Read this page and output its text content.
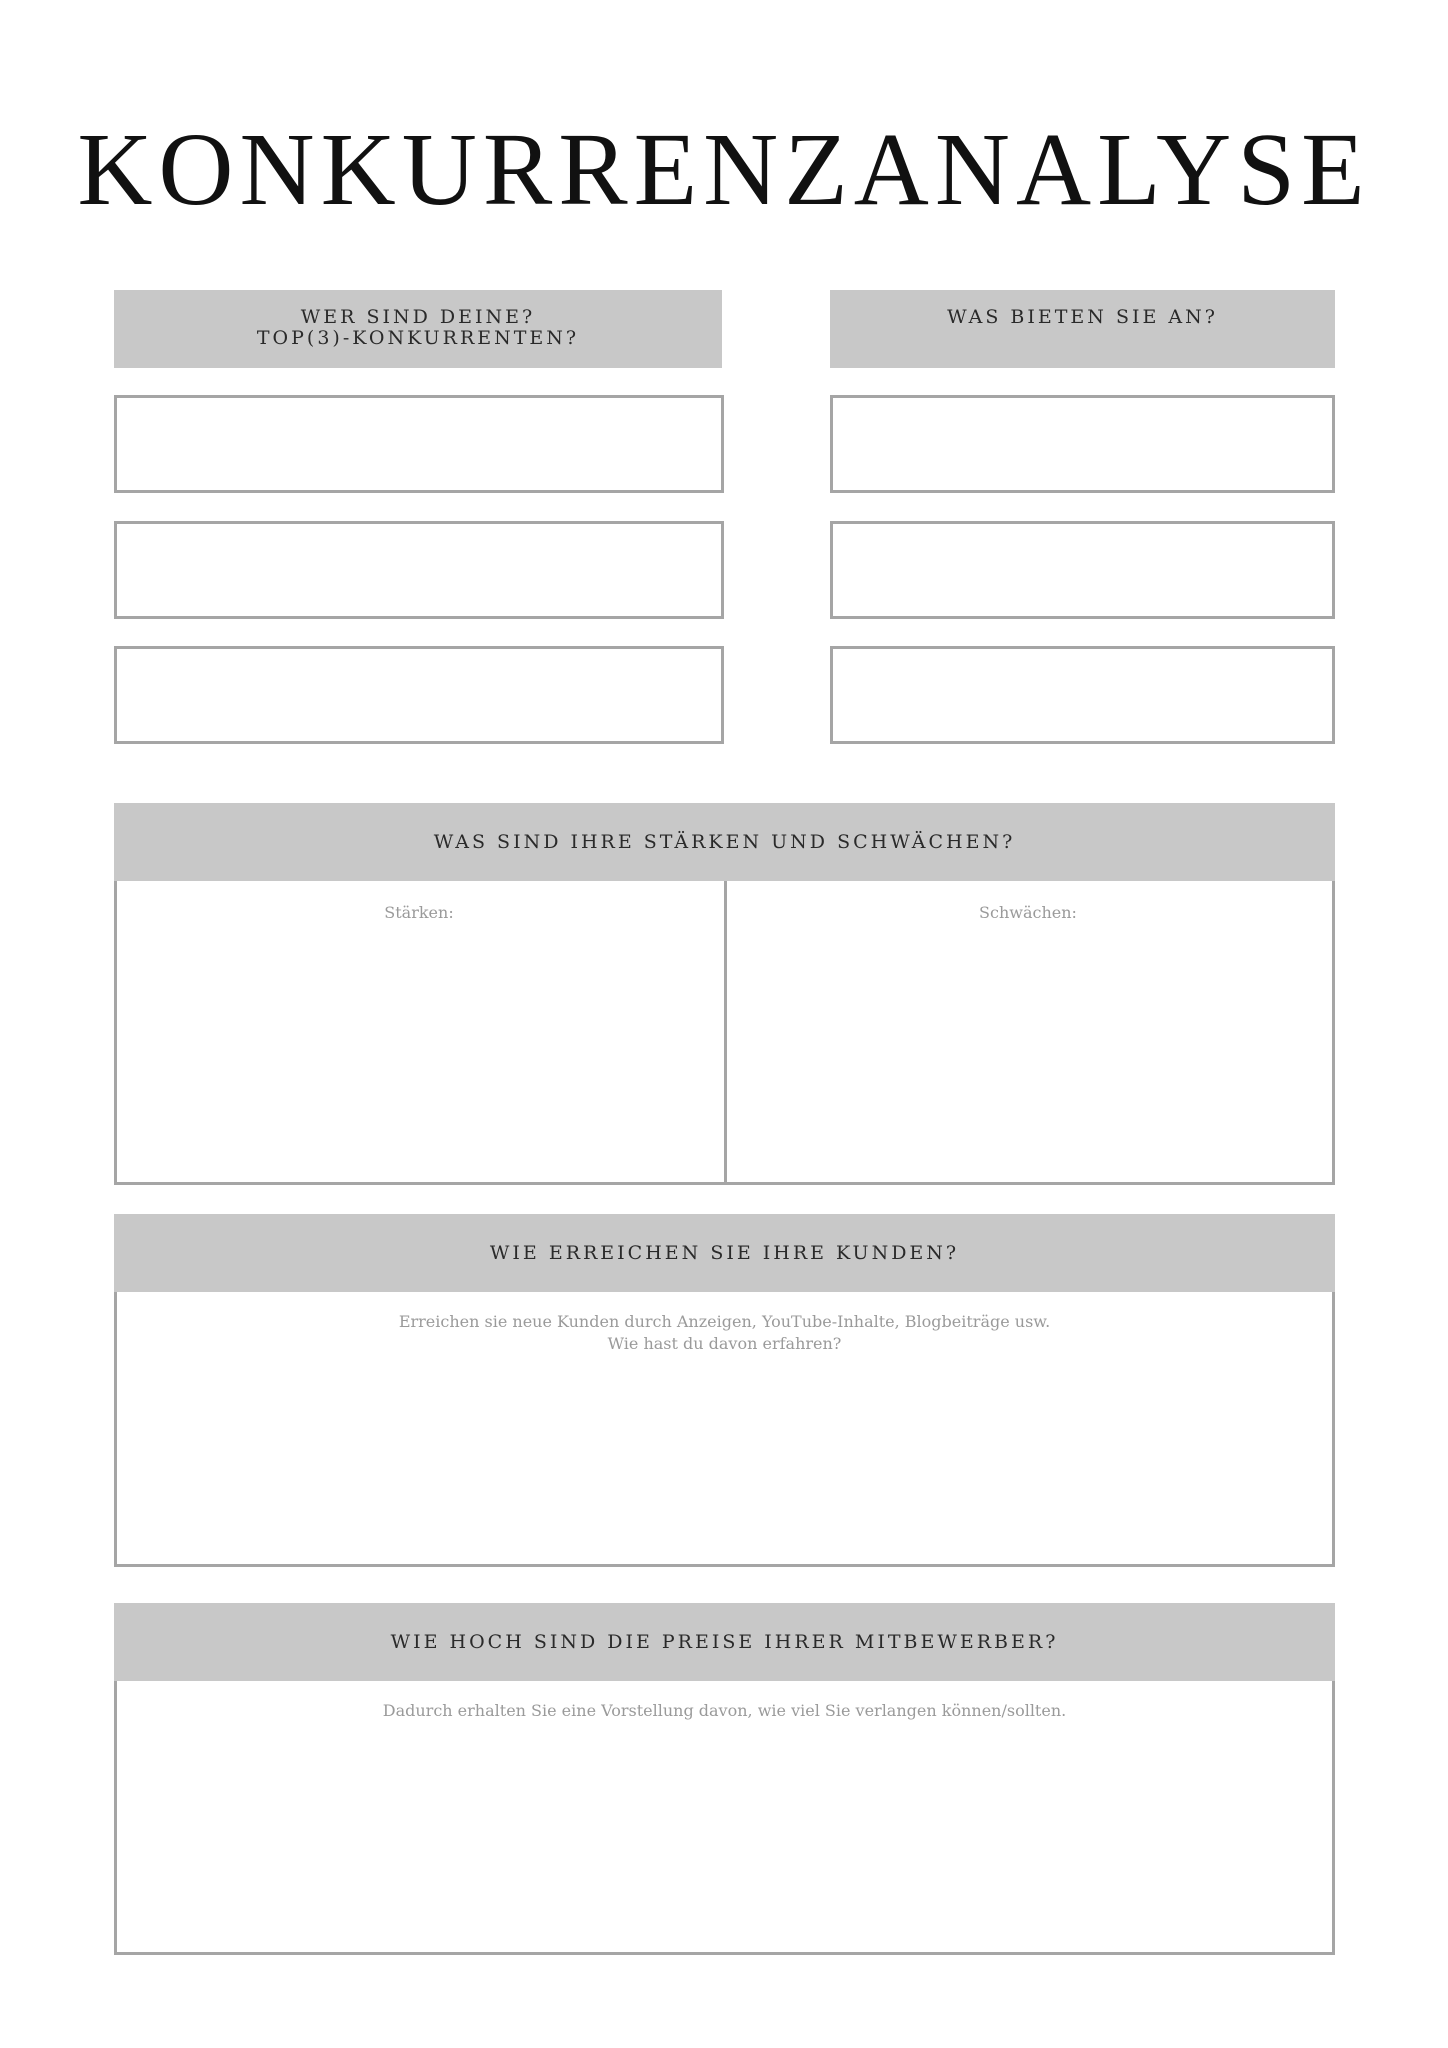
KONKURRENZANALYSE
WER SIND DEINE?
TOP(3)-KONKURRENTEN?
WAS BIETEN SIE AN?
WAS SIND IHRE STÄRKEN UND SCHWÄCHEN?
Stärken:	Schwächen:
WIE ERREICHEN SIE IHRE KUNDEN?
Erreichen sie neue Kunden durch Anzeigen, YouTube-Inhalte, Blogbeiträge usw.
Wie hast du davon erfahren?
WIE HOCH SIND DIE PREISE IHRER MITBEWERBER?
Dadurch erhalten Sie eine Vorstellung davon, wie viel Sie verlangen können/sollten.
